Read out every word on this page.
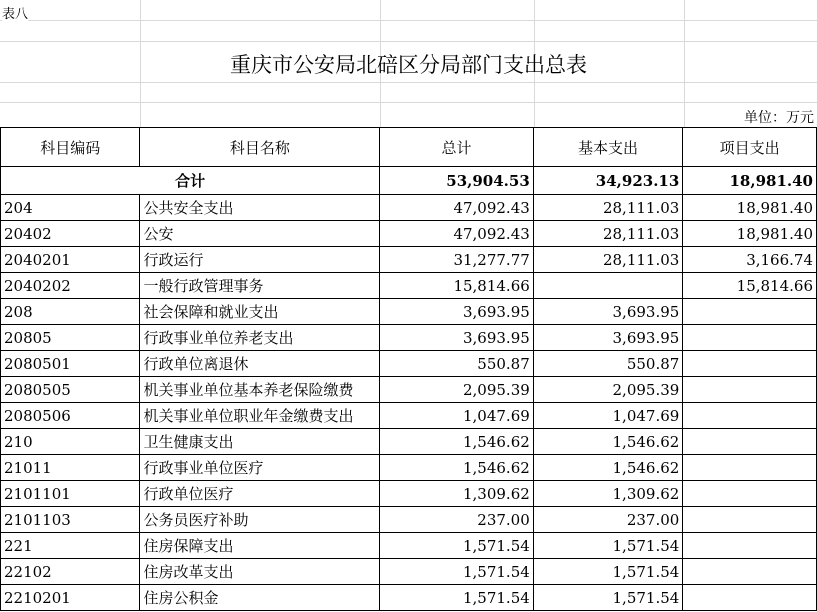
表八
重庆市公安局北碚区分局部门支出总表
单位：万元
科目编码	科目名称	总计	基本支出	项目支出
合计		53,904.53	34,923.13	18,981.40
204	公共安全支出	47,092.43	28,111.03	18,981.40
20402	公安	47,092.43	28,111.03	18,981.40
2040201	行政运行	31,277.77	28,111.03	3,166.74
2040202	一般行政管理事务	15,814.66		15,814.66
208	社会保障和就业支出	3,693.95	3,693.95	
20805	行政事业单位养老支出	3,693.95	3,693.95	
2080501	行政单位离退休	550.87	550.87	
2080505	机关事业单位基本养老保险缴费	2,095.39	2,095.39	
2080506	机关事业单位职业年金缴费支出	1,047.69	1,047.69	
210	卫生健康支出	1,546.62	1,546.62	
21011	行政事业单位医疗	1,546.62	1,546.62	
2101101	行政单位医疗	1,309.62	1,309.62	
2101103	公务员医疗补助	237.00	237.00	
221	住房保障支出	1,571.54	1,571.54	
22102	住房改革支出	1,571.54	1,571.54	
2210201	住房公积金	1,571.54	1,571.54	
